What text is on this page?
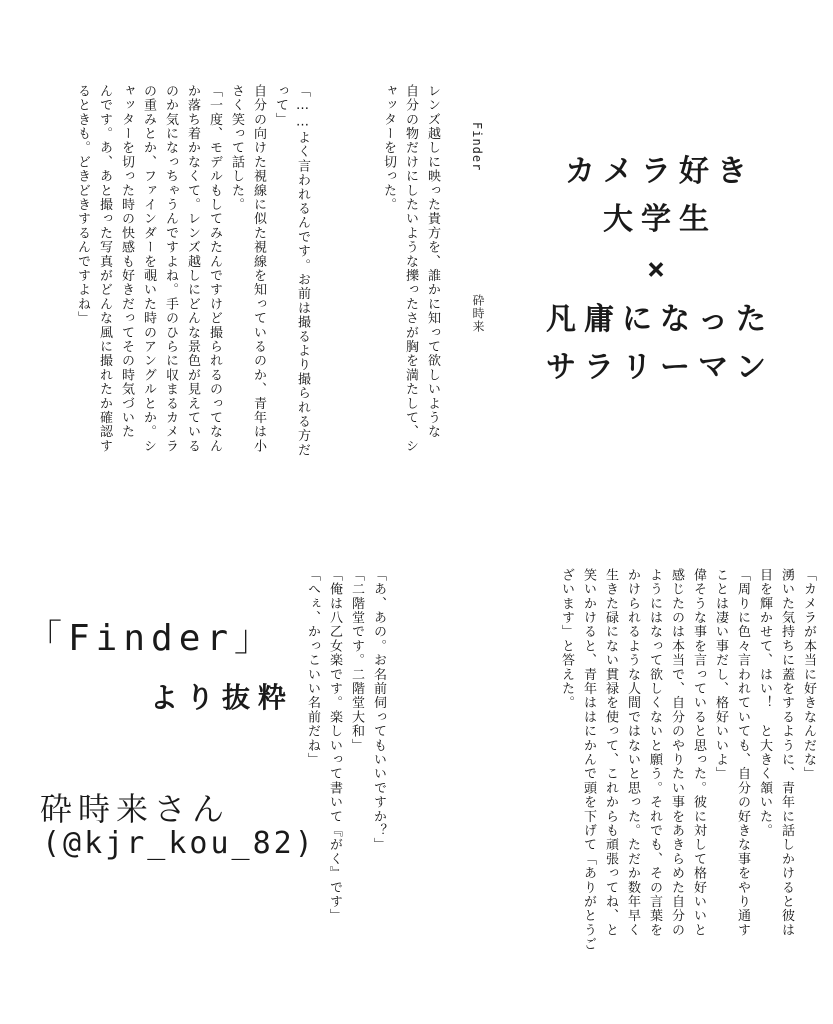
Finder
砕時来
カメラ好き
大学生
×
凡庸になった
サラリーマン
レンズ越しに映った貴方を、誰かに知って欲しいような
自分の物だけにしたいような擽ったさが胸を満たして、シ
ャッターを切った。
「……よく言われるんです。お前は撮るより撮られる方だ
って」
自分の向けた視線に似た視線を知っているのか、青年は小
さく笑って話した。
「一度、モデルもしてみたんですけど撮られるのってなん
か落ち着かなくて。レンズ越しにどんな景色が見えている
のか気になっちゃうんですよね。手のひらに収まるカメラ
の重みとか、ファインダーを覗いた時のアングルとか。シ
ャッターを切った時の快感も好きだってその時気づいた
んです。あ、あと撮った写真がどんな風に撮れたか確認す
るときも。どきどきするんですよね」
「カメラが本当に好きなんだな」
湧いた気持ちに蓋をするように、青年に話しかけると彼は
目を輝かせて、はい！　と大きく頷いた。
「周りに色々言われていても、自分の好きな事をやり通す
ことは凄い事だし、格好いいよ」
偉そうな事を言っていると思った。彼に対して格好いいと
感じたのは本当で、自分のやりたい事をあきらめた自分の
ようにはなって欲しくないと願う。それでも、その言葉を
かけられるような人間ではないと思った。ただか数年早く
生きた碌にない貫禄を使って、これからも頑張ってね、と
笑いかけると、青年ははにかんで頭を下げて「ありがとうご
ざいます」と答えた。
「あ、あの。お名前伺ってもいいですか？」
「二階堂です。二階堂大和」
「俺は八乙女楽です。楽しいって書いて『がく』です」
「へぇ、かっこいい名前だね」
「Finder」
より抜粋
砕時来さん
(@kjr_kou_82)
